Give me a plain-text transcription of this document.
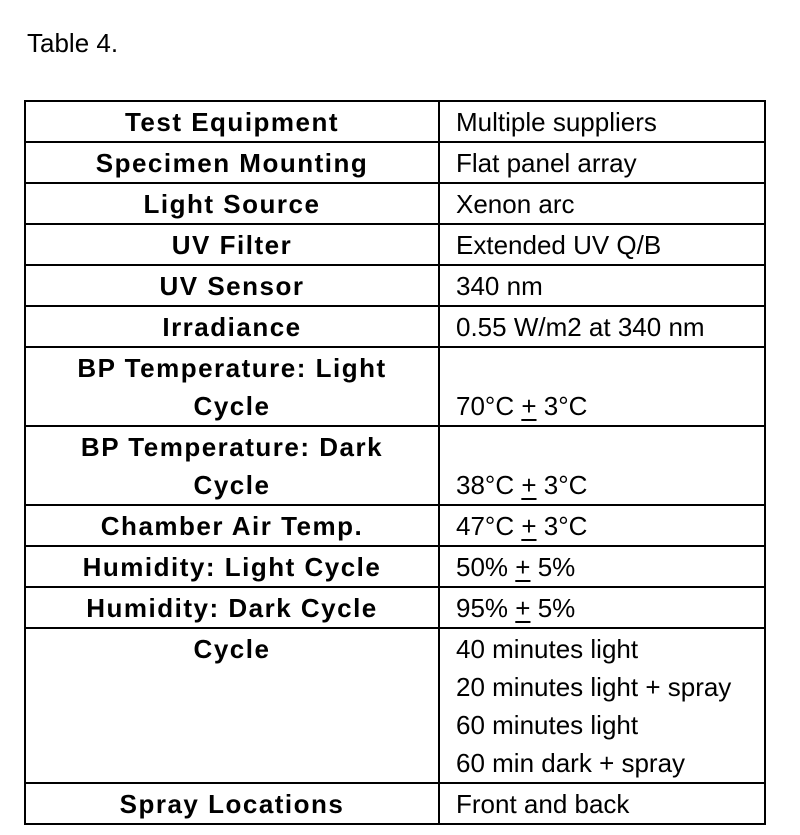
Table 4.
Test Equipment	Multiple suppliers
Specimen Mounting	Flat panel array
Light Source	Xenon arc
UV Filter	Extended UV Q/B
UV Sensor	340 nm
Irradiance	0.55 W/m2 at 340 nm

BP Temperature: Light
Cycle	70°C + 3°C

BP Temperature: Dark
Cycle	38°C + 3°C
Chamber Air Temp.	47°C + 3°C
Humidity: Light Cycle	50% + 5%
Humidity: Dark Cycle	95% + 5%
Cycle	40 minutes light
20 minutes light + spray
60 minutes light
60 min dark + spray

Spray Locations	Front and back
